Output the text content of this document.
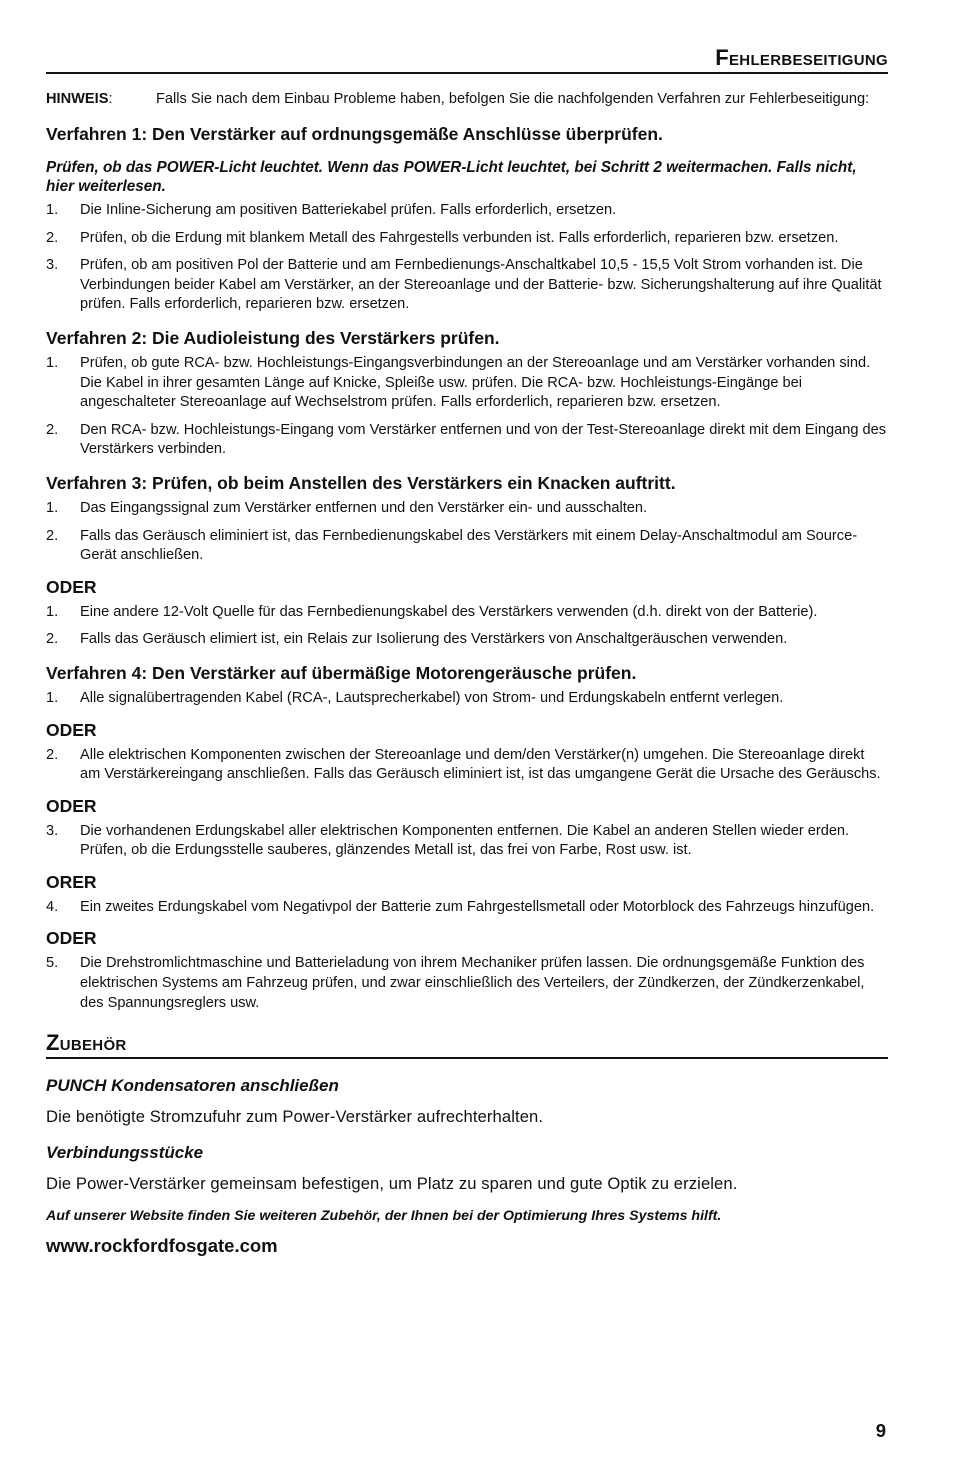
Fehlerbeseitigung
HINWEIS:	Falls Sie nach dem Einbau Probleme haben, befolgen Sie die nachfolgenden Verfahren zur Fehlerbeseitigung:
Verfahren 1: Den Verstärker auf ordnungsgemäße Anschlüsse überprüfen.
Prüfen, ob das POWER-Licht leuchtet. Wenn das POWER-Licht leuchtet, bei Schritt 2 weitermachen. Falls nicht, hier weiterlesen.
1.	Die Inline-Sicherung am positiven Batteriekabel prüfen. Falls erforderlich, ersetzen.
2.	Prüfen, ob die Erdung mit blankem Metall des Fahrgestells verbunden ist. Falls erforderlich, reparieren bzw. ersetzen.
3.	Prüfen, ob am positiven Pol der Batterie und am Fernbedienungs-Anschaltkabel 10,5 - 15,5 Volt Strom vorhanden ist. Die Verbindungen beider Kabel am Verstärker, an der Stereoanlage und der Batterie- bzw. Sicherungshalterung auf ihre Qualität prüfen. Falls erforderlich, reparieren bzw. ersetzen.
Verfahren 2: Die Audioleistung des Verstärkers prüfen.
1.	Prüfen, ob gute RCA- bzw. Hochleistungs-Eingangsverbindungen an der Stereoanlage und am Verstärker vorhanden sind. Die Kabel in ihrer gesamten Länge auf Knicke, Spleiße usw. prüfen. Die RCA- bzw. Hochleistungs-Eingänge bei angeschalteter Stereoanlage auf Wechselstrom prüfen. Falls erforderlich, reparieren bzw. ersetzen.
2.	Den RCA- bzw. Hochleistungs-Eingang vom Verstärker entfernen und von der Test-Stereoanlage direkt mit dem Eingang des Verstärkers verbinden.
Verfahren 3: Prüfen, ob beim Anstellen des Verstärkers ein Knacken auftritt.
1.	Das Eingangssignal zum Verstärker entfernen und den Verstärker ein- und ausschalten.
2.	Falls das Geräusch eliminiert ist, das Fernbedienungskabel des Verstärkers mit einem Delay-Anschaltmodul am Source-Gerät anschließen.
ODER
1.	Eine andere 12-Volt Quelle für das Fernbedienungskabel des Verstärkers verwenden (d.h. direkt von der Batterie).
2.	Falls das Geräusch elimiert ist, ein Relais zur Isolierung des Verstärkers von Anschaltgeräuschen verwenden.
Verfahren 4: Den Verstärker auf übermäßige Motorengeräusche prüfen.
1.	Alle signalübertragenden Kabel (RCA-, Lautsprecherkabel) von Strom- und Erdungskabeln entfernt verlegen.
ODER
2.	Alle elektrischen Komponenten zwischen der Stereoanlage und dem/den Verstärker(n) umgehen. Die Stereoanlage direkt am Verstärkereingang anschließen. Falls das Geräusch eliminiert ist, ist das umgangene Gerät die Ursache des Geräuschs.
ODER
3.	Die vorhandenen Erdungskabel aller elektrischen Komponenten entfernen. Die Kabel an anderen Stellen wieder erden. Prüfen, ob die Erdungsstelle sauberes, glänzendes Metall ist, das frei von Farbe, Rost usw. ist.
ORER
4.	Ein zweites Erdungskabel vom Negativpol der Batterie zum Fahrgestellsmetall oder Motorblock des Fahrzeugs hinzufügen.
ODER
5.	Die Drehstromlichtmaschine und Batterieladung von ihrem Mechaniker prüfen lassen. Die ordnungsgemäße Funktion des elektrischen Systems am Fahrzeug prüfen, und zwar einschließlich des Verteilers, der Zündkerzen, der Zündkerzenkabel, des Spannungsreglers usw.
Zubehör
PUNCH Kondensatoren anschließen
Die benötigte Stromzufuhr zum Power-Verstärker aufrechterhalten.
Verbindungsstücke
Die Power-Verstärker gemeinsam befestigen, um Platz zu sparen und gute Optik zu erzielen.
Auf unserer Website finden Sie weiteren Zubehör, der Ihnen bei der Optimierung Ihres Systems hilft.
www.rockfordfosgate.com
9
